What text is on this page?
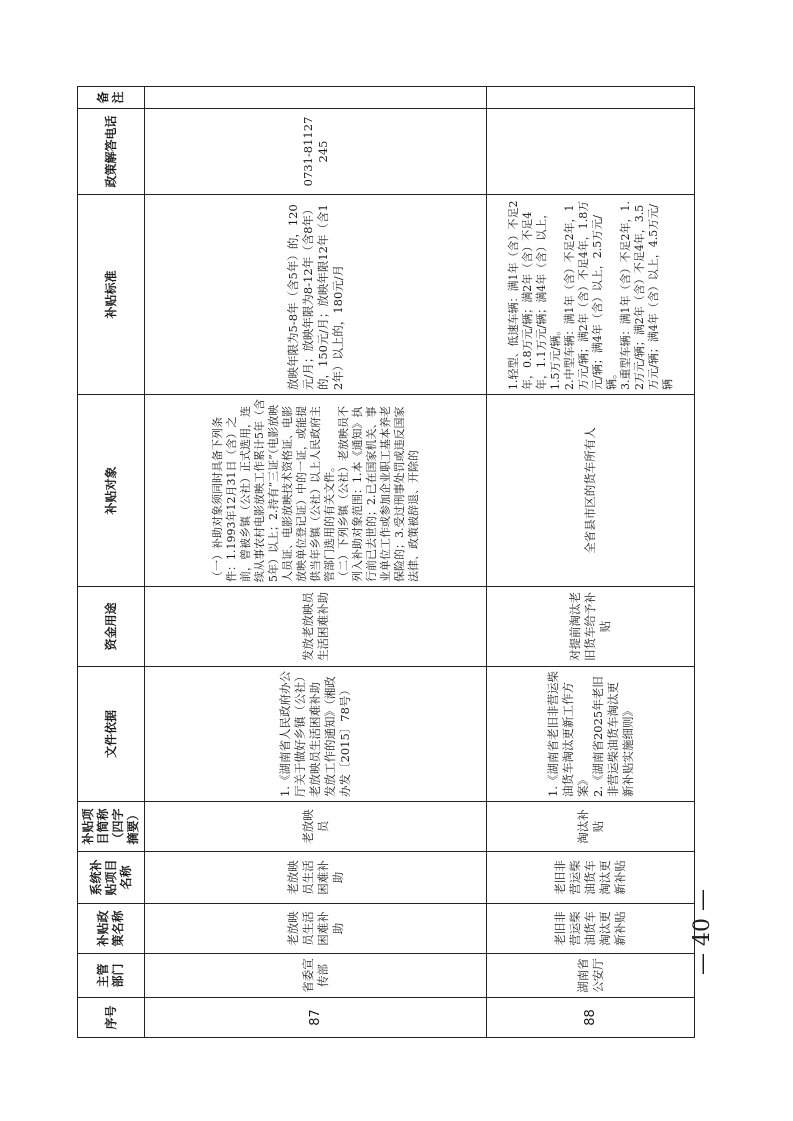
— 40 —
序号	主管部门	补贴政策名称	系统补贴项目名称	补贴项目简称（四字摘要）	文件依据	资金用途	补贴对象	补贴标准	政策解答电话	备注
87	省委宣传部	老放映员生活困难补助	老放映员生活困难补助	老放映员	1.《湖南省人民政府办公厅关于做好乡镇（公社）老放映员生活困难补助发放工作的通知》（湘政办发〔2015〕78号）	发放老放映员生活困难补助	（一）补助对象须同时具备下列条件：1.1993年12月31日（含）之前，曾被乡镇（公社）正式选用，连续从事农村电影放映工作累计5年（含5年）以上；2.持有“三证”（电影放映人员证、电影放映技术资格证、电影放映单位登记证）中的一证，或能提供当年乡镇（公社）以上人民政府主管部门选用的有关文件。 （二）下列乡镇（公社）老放映员不列入补助对象范围：1.本《通知》执行前已去世的；2.已在国家机关、事业单位工作或参加企业职工基本养老保险的；3.受过刑事处罚或违反国家法律、政策被辞退、开除的	放映年限为5-8年（含5年）的，120元/月；放映年限为8-12年（含8年）的，150元/月；放映年限12年（含12年）以上的，180元/月	0731-81127245	
88	湖南省公安厅	老旧非营运柴油货车淘汰更新补贴	老旧非营运柴油货车淘汰更新补贴	淘汰补贴	1.《湖南省老旧非营运柴油货车淘汰更新工作方案》
2.《湖南省2025年老旧非营运柴油货车淘汰更新补贴实施细则》	对提前淘汰老旧货车给予补贴	全省县市区的货车所有人	1.轻型、低速车辆：满1年（含）不足2年，0.8万元/辆；满2年（含）不足4年，1.1万元/辆；满4年（含）以上，1.5万元/辆。
2.中型车辆：满1年（含）不足2年，1万元/辆；满2年（含）不足4年，1.8万元/辆；满4年（含）以上，2.5万元/辆。
3.重型车辆：满1年（含）不足2年，1.2万元/辆；满2年（含）不足4年，3.5万元/辆；满4年（含）以上，4.5万元/辆		
